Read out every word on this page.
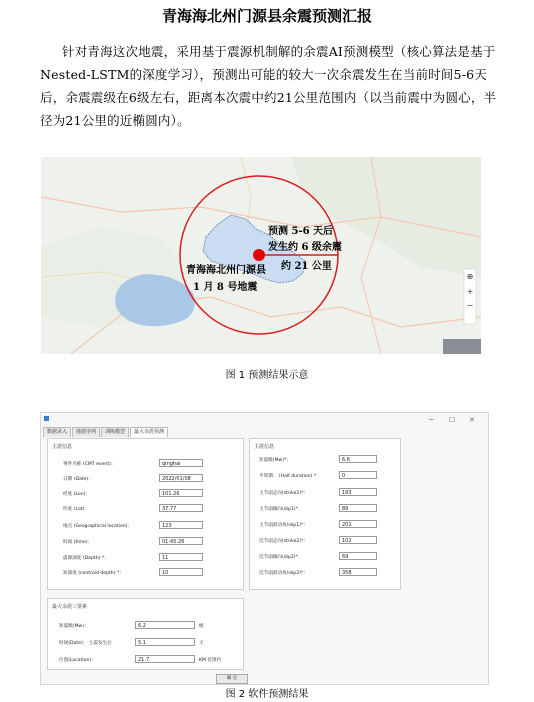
青海海北州门源县余震预测汇报
针对青海这次地震，采用基于震源机制解的余震AI预测模型（核心算法是基于Nested-LSTM的深度学习），预测出可能的较大一次余震发生在当前时间5-6天后，余震震级在6级左右，距离本次震中约21公里范围内（以当前震中为圆心，半径为21公里的近椭圆内）。
⊕
+
−
预测 5-6 天后
发生约 6 级余震
约 21 公里
青海海北州门源县
1 月 8 号地震
图 1 预测结果示意
─ ☐ ✕
数据录入	地震序列	训练模型	最大余震预测
主震信息	主震信息
事件名称 (CMT event)：	qinghai
日期 (Date)：	2022/01/08
经度 (Lon)：	101.26
纬度 (Lat)：	37.77
地点 (Geographical location)：	123
时间 (time)：	01:45:26
震源深度 (Depth) *：	11
矩深度 (centroid depth) *：	10
矩震级(Mw)*：	6.6
半周期： (Half duration) *	0
主节面走向(strike1)*：	193
主节面倾向(dip1)*：	89
主节面滑动角(slip1)*：	201
次节面走向(strike2)*：	102
次节面倾向(dip2)*：	69
次节面滑动角(slip2)*：	358
最大余震三要素
矩震级(Mw)：	6.2	级
时间(Date)： 主震发生后	5.1	天
位置(Location)：	21.7	KM 范围内
确 定
图 2 软件预测结果
